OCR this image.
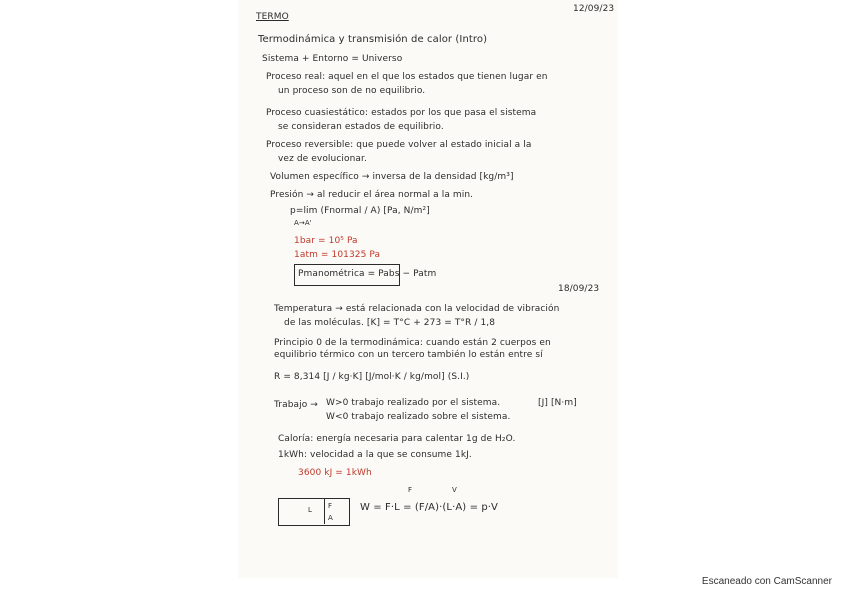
TERMO
12/09/23
Termodinámica y transmisión de calor (Intro)
Sistema + Entorno = Universo
Proceso real: aquel en el que los estados que tienen lugar en
un proceso son de no equilibrio.
Proceso cuasiestático: estados por los que pasa el sistema
se consideran estados de equilibrio.
Proceso reversible: que puede volver al estado inicial a la
vez de evolucionar.
Volumen específico → inversa de la densidad [kg/m³]
Presión → al reducir el área normal a la min.
p=lim (Fnormal / A) [Pa, N/m²]
A→A'
1bar = 10⁵ Pa
1atm = 101325 Pa
Pmanométrica = Pabs − Patm
18/09/23
Temperatura → está relacionada con la velocidad de vibración
de las moléculas. [K] = T°C + 273 = T°R / 1,8
Principio 0 de la termodinámica: cuando están 2 cuerpos en
equilibrio térmico con un tercero también lo están entre sí
R = 8,314 [J / kg·K] [J/mol·K / kg/mol] (S.I.)
Trabajo → W>0 trabajo realizado por el sistema.
W<0 trabajo realizado sobre el sistema.
[J] [N·m]
Caloría: energía necesaria para calentar 1g de H₂O.
1kWh: velocidad a la que se consume 1kJ.
3600 kJ = 1kWh
L F
A
F	V
W = F·L = (F/A)·(L·A) = p·V
Escaneado con CamScanner
